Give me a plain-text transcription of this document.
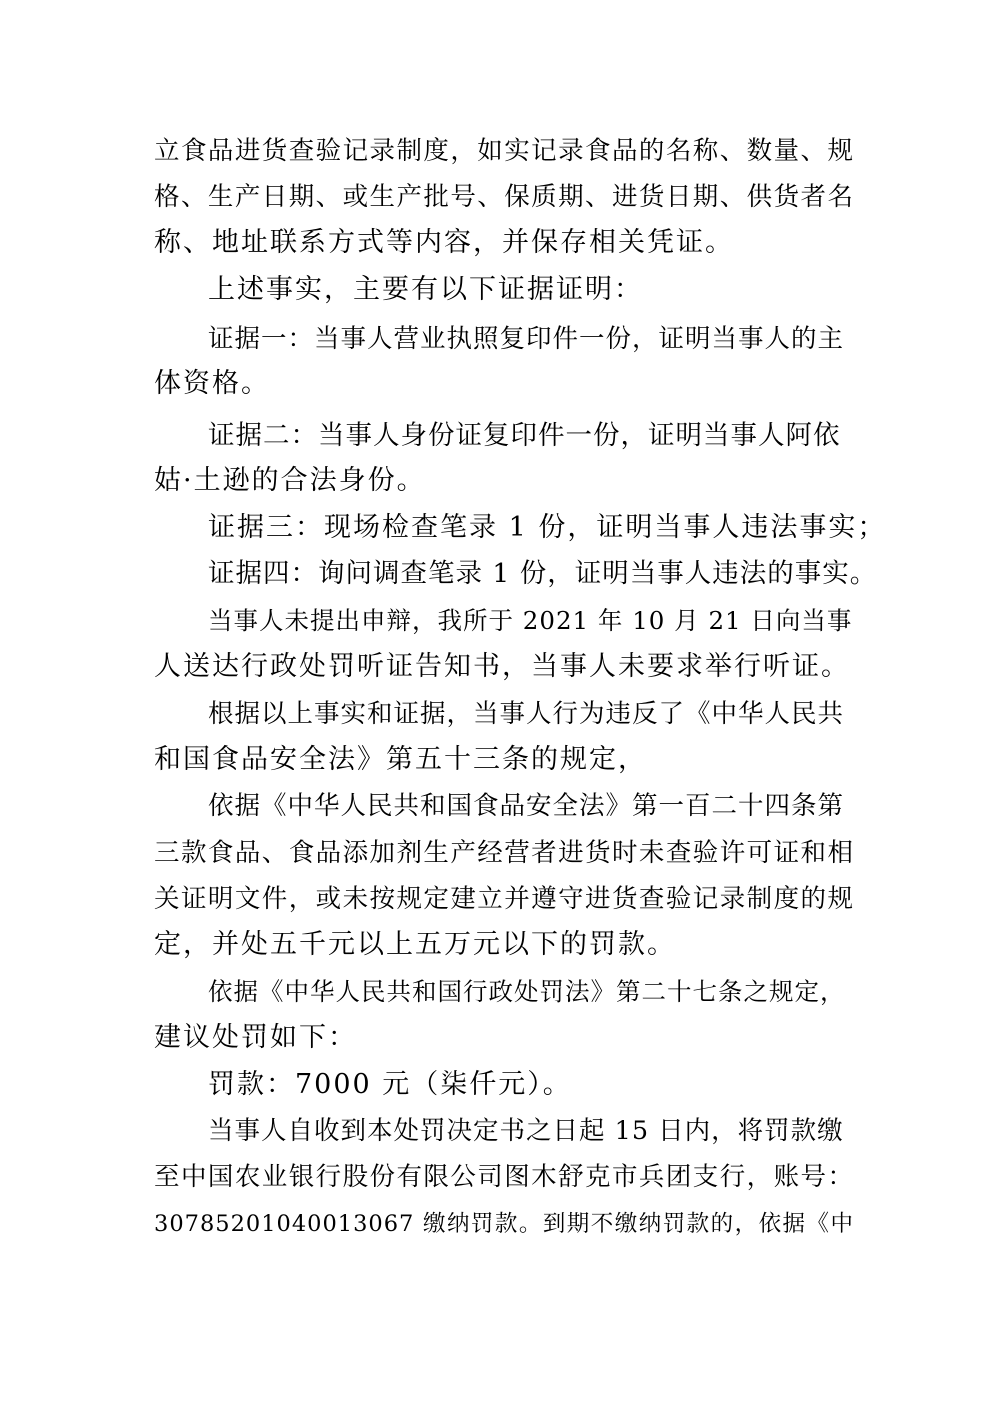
立食品进货查验记录制度，如实记录食品的名称、数量、规
格、生产日期、或生产批号、保质期、进货日期、供货者名
称、地址联系方式等内容，并保存相关凭证。
上述事实，主要有以下证据证明：
证据一：当事人营业执照复印件一份，证明当事人的主
体资格。
证据二：当事人身份证复印件一份，证明当事人阿依
姑·土逊的合法身份。
证据三：现场检查笔录 1 份，证明当事人违法事实；
证据四：询问调查笔录 1 份，证明当事人违法的事实。
当事人未提出申辩，我所于 2021 年 10 月 21 日向当事
人送达行政处罚听证告知书，当事人未要求举行听证。
根据以上事实和证据，当事人行为违反了《中华人民共
和国食品安全法》第五十三条的规定，
依据《中华人民共和国食品安全法》第一百二十四条第
三款食品、食品添加剂生产经营者进货时未查验许可证和相
关证明文件，或未按规定建立并遵守进货查验记录制度的规
定，并处五千元以上五万元以下的罚款。
依据《中华人民共和国行政处罚法》第二十七条之规定，
建议处罚如下：
罚款：7000 元（柒仟元）。
当事人自收到本处罚决定书之日起 15 日内，将罚款缴
至中国农业银行股份有限公司图木舒克市兵团支行，账号：
30785201040013067 缴纳罚款。到期不缴纳罚款的，依据《中
